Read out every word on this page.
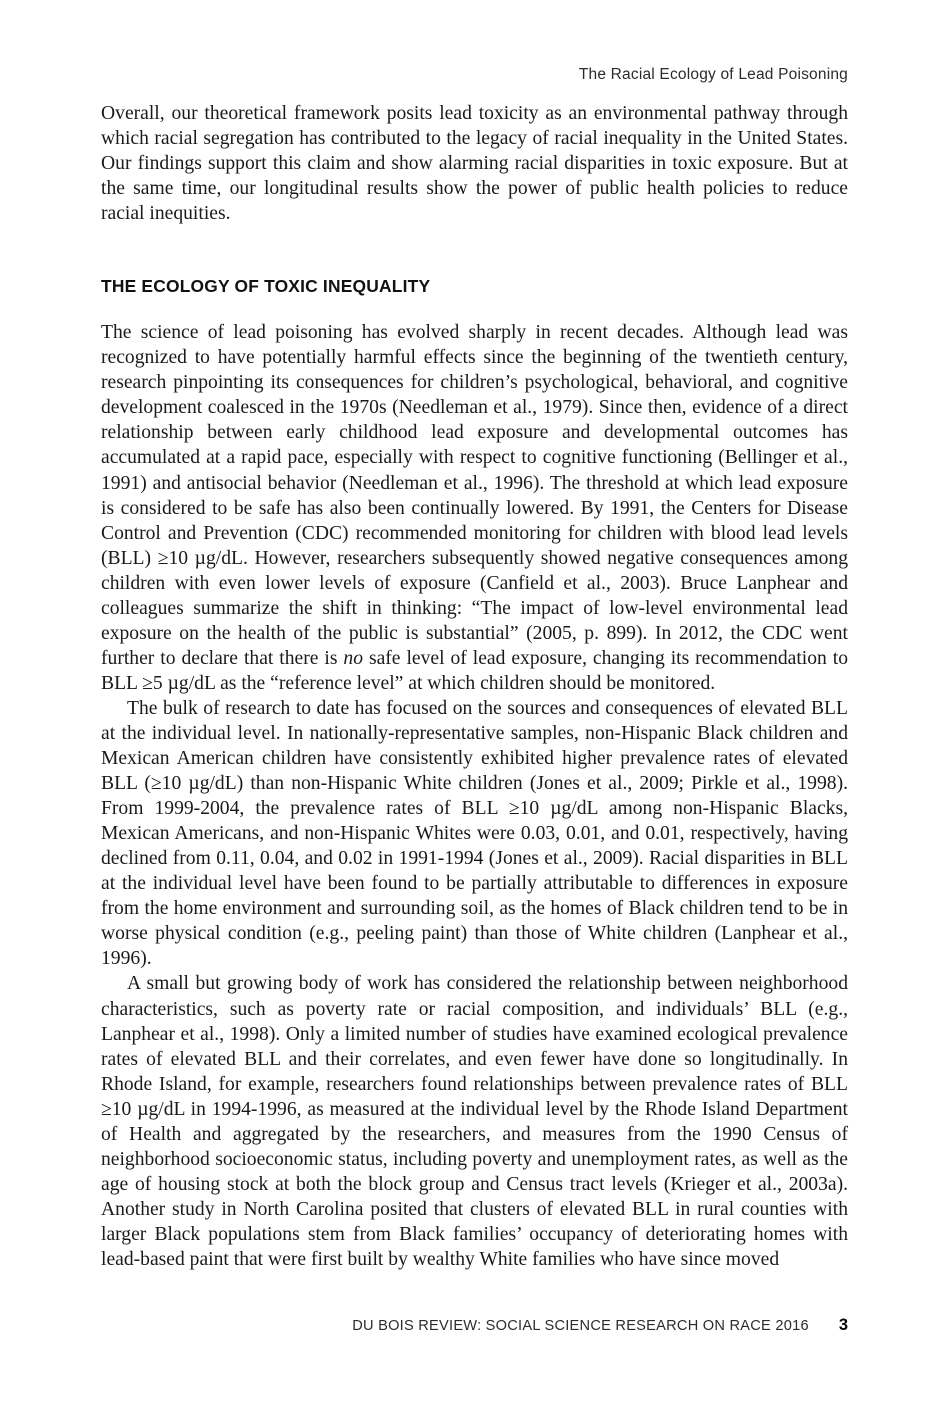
The Racial Ecology of Lead Poisoning

Overall, our theoretical framework posits lead toxicity as an environmental pathway through which racial segregation has contributed to the legacy of racial inequality in the United States. Our findings support this claim and show alarming racial disparities in toxic exposure. But at the same time, our longitudinal results show the power of public health policies to reduce racial inequities.

THE ECOLOGY OF TOXIC INEQUALITY

The science of lead poisoning has evolved sharply in recent decades. Although lead was recognized to have potentially harmful effects since the beginning of the twentieth century, research pinpointing its consequences for children’s psychological, behavioral, and cognitive development coalesced in the 1970s (Needleman et al., 1979). Since then, evidence of a direct relationship between early childhood lead exposure and developmental outcomes has accumulated at a rapid pace, especially with respect to cognitive functioning (Bellinger et al., 1991) and antisocial behavior (Needleman et al., 1996). The threshold at which lead exposure is considered to be safe has also been continually lowered. By 1991, the Centers for Disease Control and Prevention (CDC) recommended monitoring for children with blood lead levels (BLL) ≥10 µg/dL. However, researchers subsequently showed negative consequences among children with even lower levels of exposure (Canfield et al., 2003). Bruce Lanphear and colleagues summarize the shift in thinking: “The impact of low-level environmental lead exposure on the health of the public is substantial” (2005, p. 899). In 2012, the CDC went further to declare that there is no safe level of lead exposure, changing its recommendation to BLL ≥5 µg/dL as the “reference level” at which children should be monitored.

The bulk of research to date has focused on the sources and consequences of elevated BLL at the individual level. In nationally-representative samples, non-Hispanic Black children and Mexican American children have consistently exhibited higher prevalence rates of elevated BLL (≥10 µg/dL) than non-Hispanic White children (Jones et al., 2009; Pirkle et al., 1998). From 1999-2004, the prevalence rates of BLL ≥10 µg/dL among non-Hispanic Blacks, Mexican Americans, and non-Hispanic Whites were 0.03, 0.01, and 0.01, respectively, having declined from 0.11, 0.04, and 0.02 in 1991-1994 (Jones et al., 2009). Racial disparities in BLL at the individual level have been found to be partially attributable to differences in exposure from the home environment and surrounding soil, as the homes of Black children tend to be in worse physical condition (e.g., peeling paint) than those of White children (Lanphear et al., 1996).

A small but growing body of work has considered the relationship between neighborhood characteristics, such as poverty rate or racial composition, and individuals’ BLL (e.g., Lanphear et al., 1998). Only a limited number of studies have examined ecological prevalence rates of elevated BLL and their correlates, and even fewer have done so longitudinally. In Rhode Island, for example, researchers found relationships between prevalence rates of BLL ≥10 µg/dL in 1994-1996, as measured at the individual level by the Rhode Island Department of Health and aggregated by the researchers, and measures from the 1990 Census of neighborhood socioeconomic status, including poverty and unemployment rates, as well as the age of housing stock at both the block group and Census tract levels (Krieger et al., 2003a). Another study in North Carolina posited that clusters of elevated BLL in rural counties with larger Black populations stem from Black families’ occupancy of deteriorating homes with lead-based paint that were first built by wealthy White families who have since moved

DU BOIS REVIEW: SOCIAL SCIENCE RESEARCH ON RACE 2016 3
